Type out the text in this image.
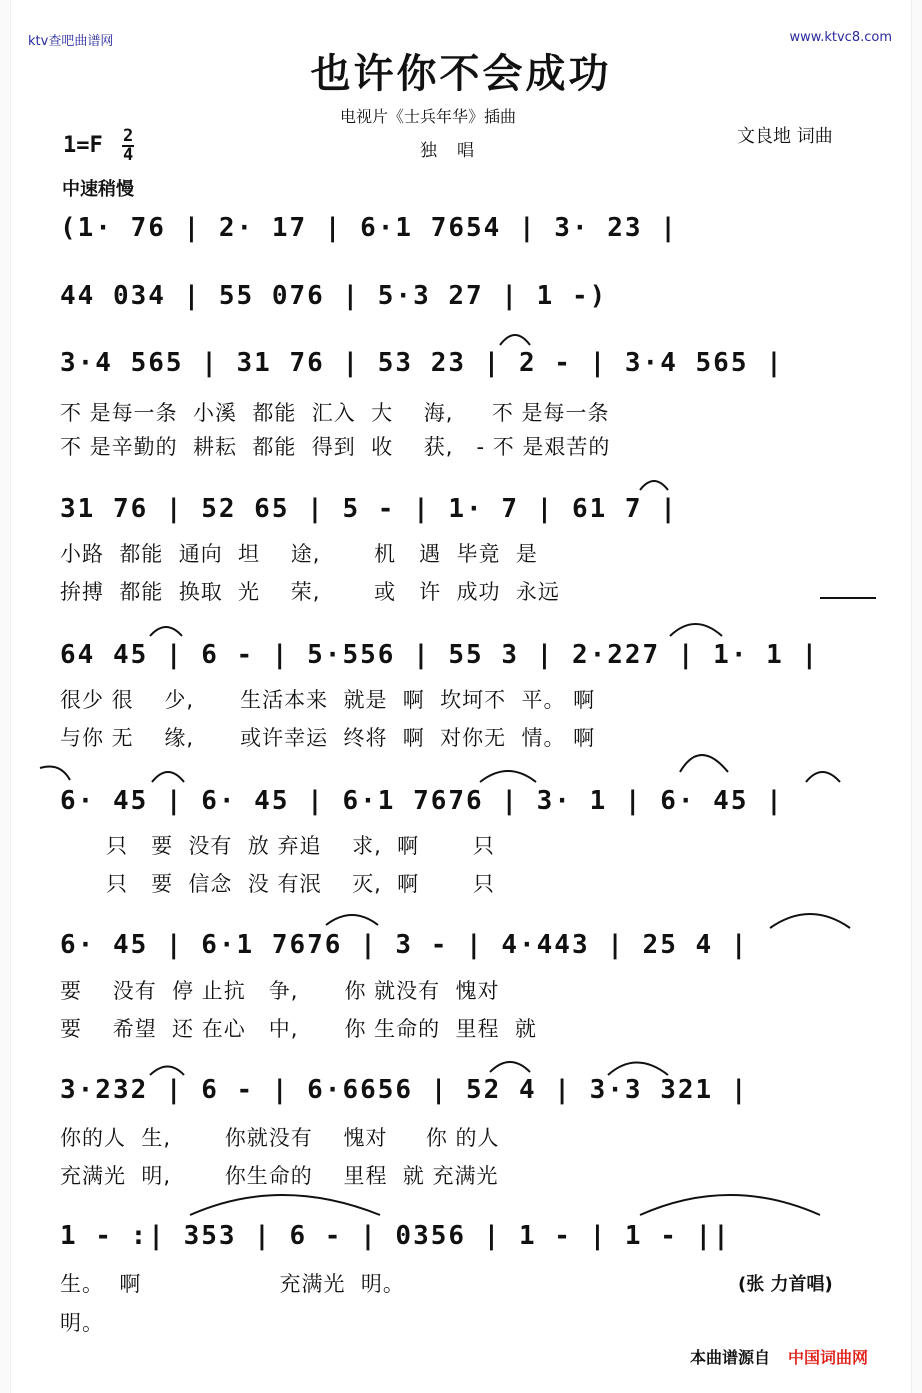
ktv查吧曲谱网	www.ktvc8.com
也许你不会成功
电视片《士兵年华》插曲
独唱
文良地 词曲
$1=F \frac{2}{4}$
中速稍慢

(1· 76 | 2· 17 | 6·1 7654 | 3· 23 |

44 034 | 55 076 | 5·3 27 | 1 -)

3·4 565 | 31 76 | 53 23 | 2 - | 3·4 565 |

不 是每一条  小溪  都能  汇入  大    海,     不 是每一条
不 是辛勤的  耕耘  都能  得到  收    获,   - 不 是艰苦的

31 76 | 52 65 | 5 - | 1· 7 | 61 7 |

小路  都能  通向  坦    途,       机   遇  毕竟  是
拚搏  都能  换取  光    荣,       或   许  成功  永远

64 45 | 6 - | 5·556 | 55 3 | 2·227 | 1· 1 |

很少 很    少,      生活本来  就是  啊  坎坷不  平。 啊
与你 无    缘,      或许幸运  终将  啊  对你无  情。 啊

6· 45 | 6· 45 | 6·1 7676 | 3· 1 | 6· 45 |

只   要  没有  放 弃追    求,  啊       只
只   要  信念  没 有泯    灭,  啊       只

6· 45 | 6·1 7676 | 3 - | 4·443 | 25 4 |

要    没有  停 止抗   争,      你 就没有  愧对
要    希望  还 在心   中,      你 生命的  里程  就

3·232 | 6 - | 6·6656 | 52 4 | 3·3 321 |

你的人  生,       你就没有    愧对     你 的人
充满光  明,       你生命的    里程  就 充满光

1 - :| 353 | 6 - | 0356 | 1 - | 1 - ||

生。  啊                  充满光  明。
明。
(张 力首唱)
本曲谱源自 中国词曲网
